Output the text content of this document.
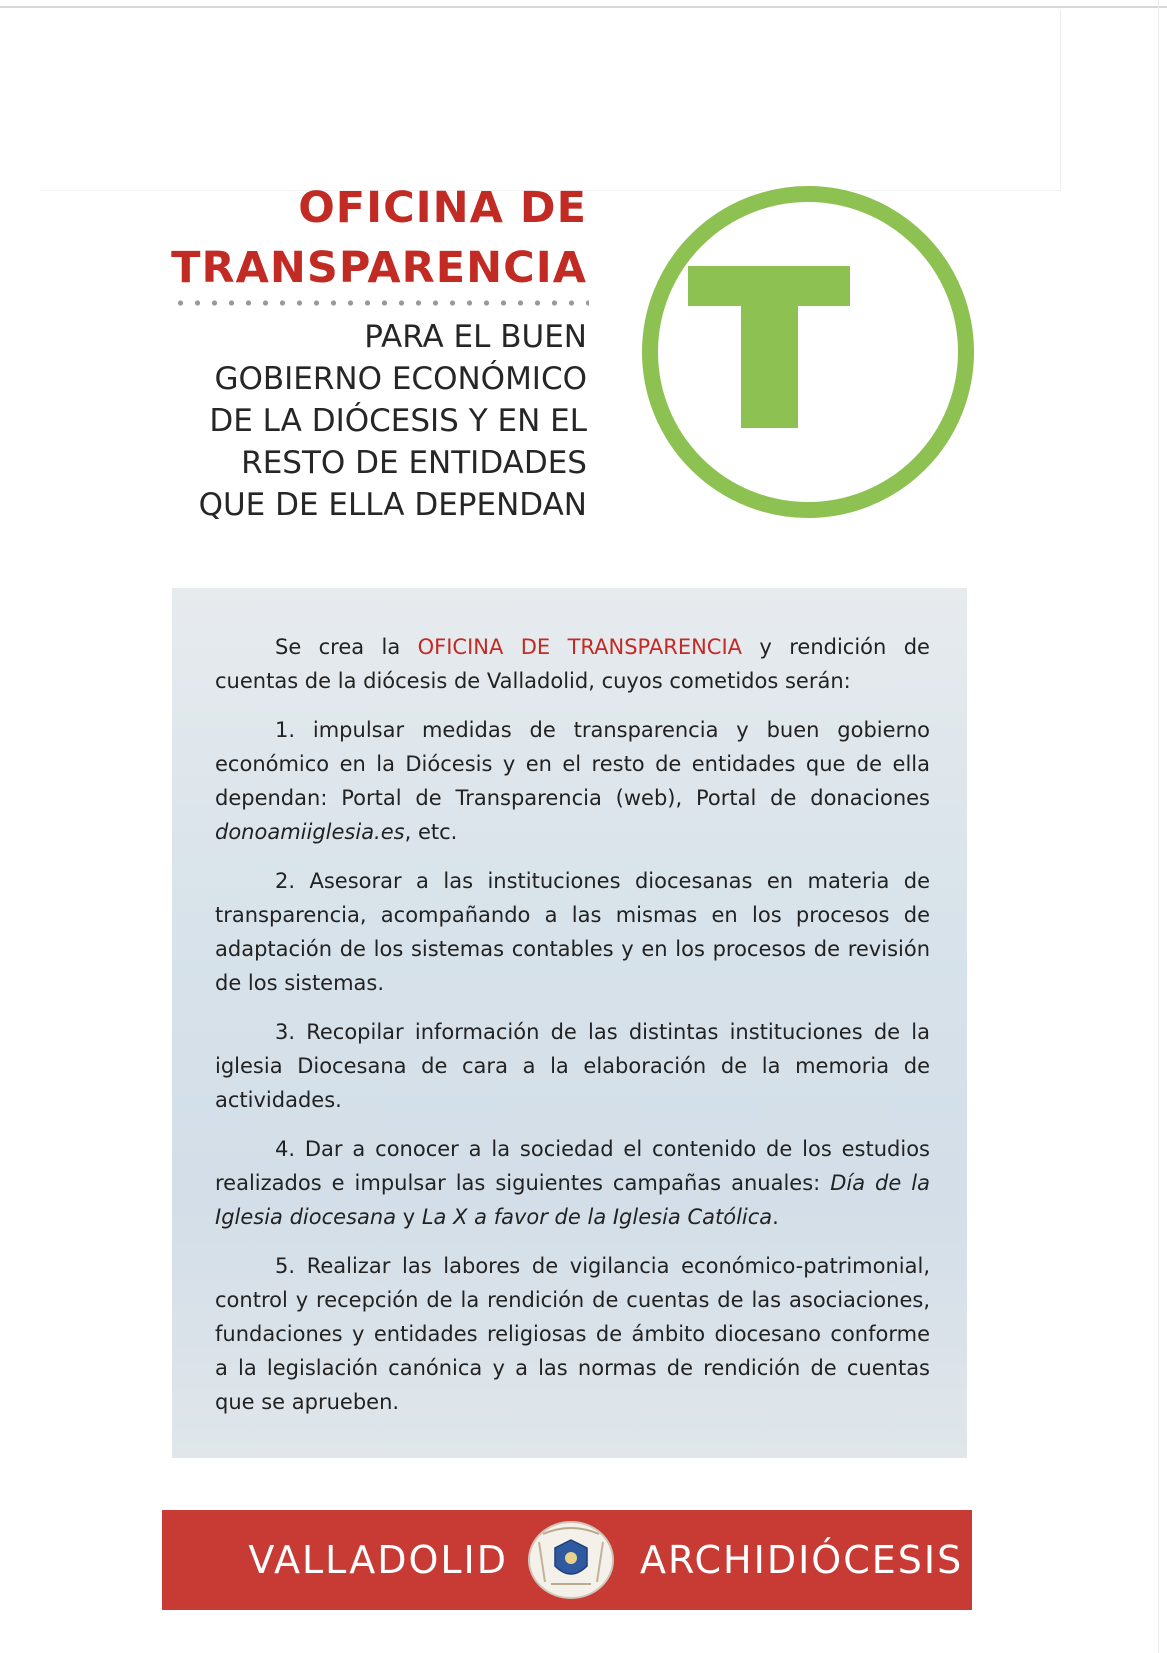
OFICINA DE
TRANSPARENCIA
PARA EL BUEN
GOBIERNO ECONÓMICO
DE LA DIÓCESIS Y EN EL
RESTO DE ENTIDADES
QUE DE ELLA DEPENDAN

Se crea la OFICINA DE TRANSPARENCIA y rendición de cuentas de la diócesis de Valladolid, cuyos cometidos serán:

1. impulsar medidas de transparencia y buen gobierno económico en la Diócesis y en el resto de entidades que de ella dependan: Portal de Transparencia (web), Portal de donaciones donoamiiglesia.es, etc.

2. Asesorar a las instituciones diocesanas en materia de transparencia, acompañando a las mismas en los procesos de adaptación de los sistemas contables y en los procesos de revisión de los sistemas.

3. Recopilar información de las distintas instituciones de la iglesia Diocesana de cara a la elaboración de la memoria de actividades.

4. Dar a conocer a la sociedad el contenido de los estudios realizados e impulsar las siguientes campañas anuales: Día de la Iglesia diocesana y La X a favor de la Iglesia Católica.

5. Realizar las labores de vigilancia económico-patrimonial, control y recepción de la rendición de cuentas de las asociaciones, fundaciones y entidades religiosas de ámbito diocesano conforme a la legislación canónica y a las normas de rendición de cuentas que se aprueben.

VALLADOLID	ARCHIDIÓCESIS
